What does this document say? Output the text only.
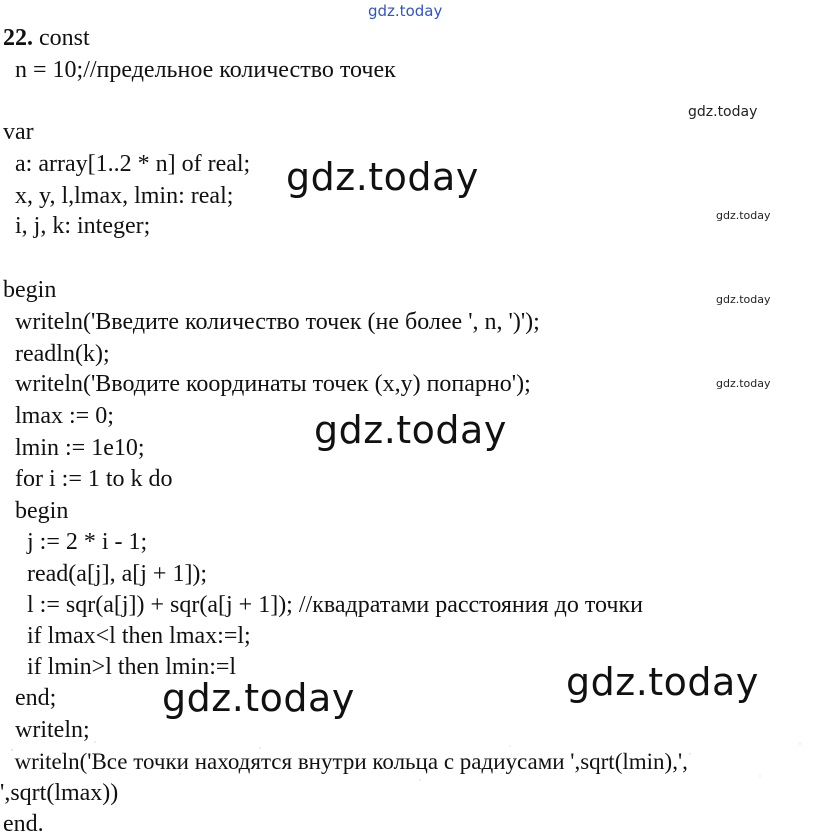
gdz.today
22. const
n = 10;//предельное количество точек
gdz.today
var
a: array[1..2 * n] of real; gdz.today
x, y, l,lmax, lmin: real;
gdz.today
i, j, k: integer;
begin	gdz.today
writeln('Введите количество точек (не более ', n, ')');
readln(k);
gdz.today
writeln('Вводите координаты точек (x,y) попарно');
lmax := 0;	gdz.today
lmin := 1e10;
for i := 1 to k do
begin
j := 2 * i - 1;
read(a[j], a[j + 1]);
l := sqr(a[j]) + sqr(a[j + 1]); //квадратами расстояния до точки
if lmax<l then lmax:=l;
if lmin>l then lmin:=l	gdz.today
end;	gdz.today
writeln;
writeln('Все точки находятся внутри кольца с радиусами ',sqrt(lmin),',
',sqrt(lmax))
end.
